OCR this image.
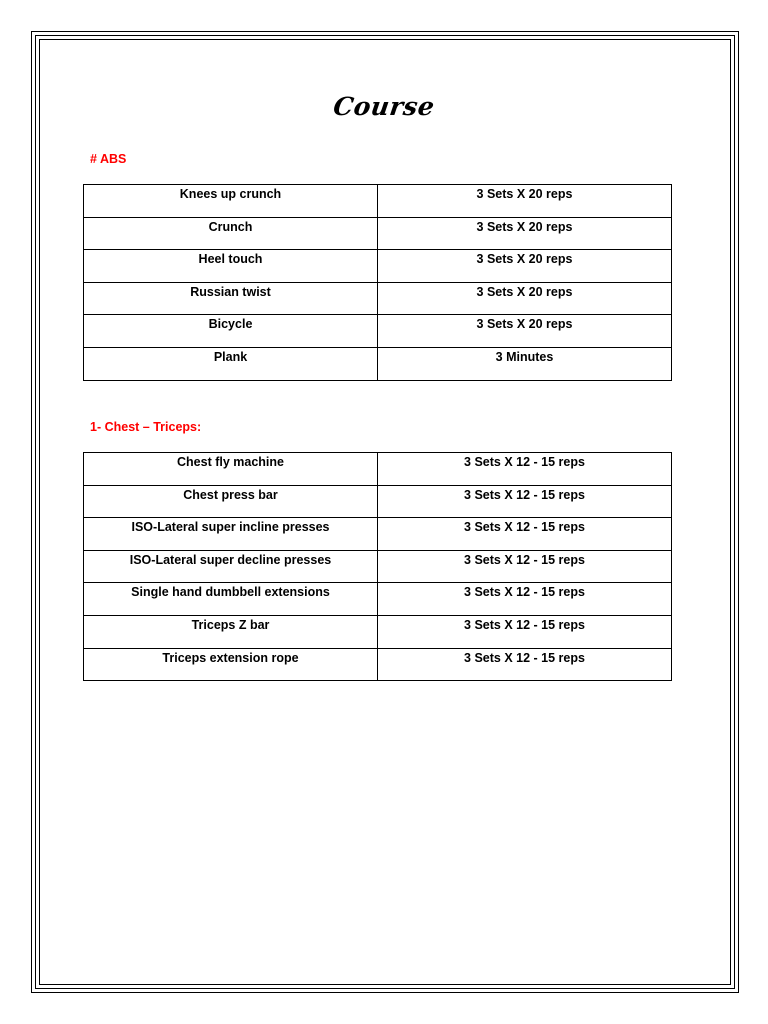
Course
# ABS
Knees up crunch	3 Sets X 20 reps
Crunch	3 Sets X 20 reps
Heel touch	3 Sets X 20 reps
Russian twist	3 Sets X 20 reps
Bicycle	3 Sets X 20 reps
Plank	3 Minutes
1- Chest – Triceps:
Chest fly machine	3 Sets X 12 - 15 reps
Chest press bar	3 Sets X 12 - 15 reps
ISO-Lateral super incline presses	3 Sets X 12 - 15 reps
ISO-Lateral super decline presses	3 Sets X 12 - 15 reps
Single hand dumbbell extensions	3 Sets X 12 - 15 reps
Triceps Z bar	3 Sets X 12 - 15 reps
Triceps extension rope	3 Sets X 12 - 15 reps
